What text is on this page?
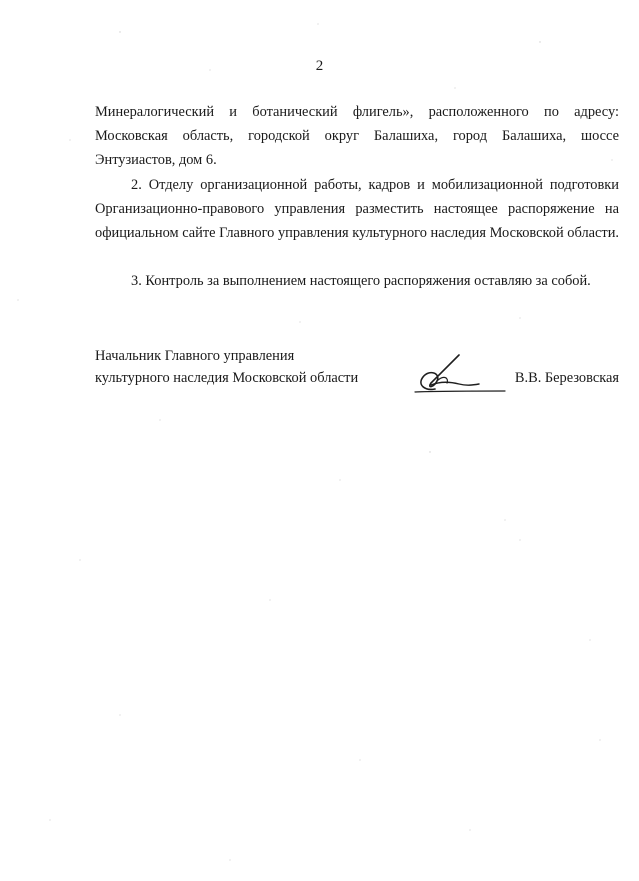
2

Минералогический и ботанический флигель», расположенного по адресу: Московская область, городской округ Балашиха, город Балашиха, шоссе Энтузиастов, дом 6.

2. Отделу организационной работы, кадров и мобилизационной подготовки Организационно-правового управления разместить настоящее распоряжение на официальном сайте Главного управления культурного наследия Московской области.

3. Контроль за выполнением настоящего распоряжения оставляю за собой.

Начальник Главного управления
культурного наследия Московской области	В.В. Березовская
